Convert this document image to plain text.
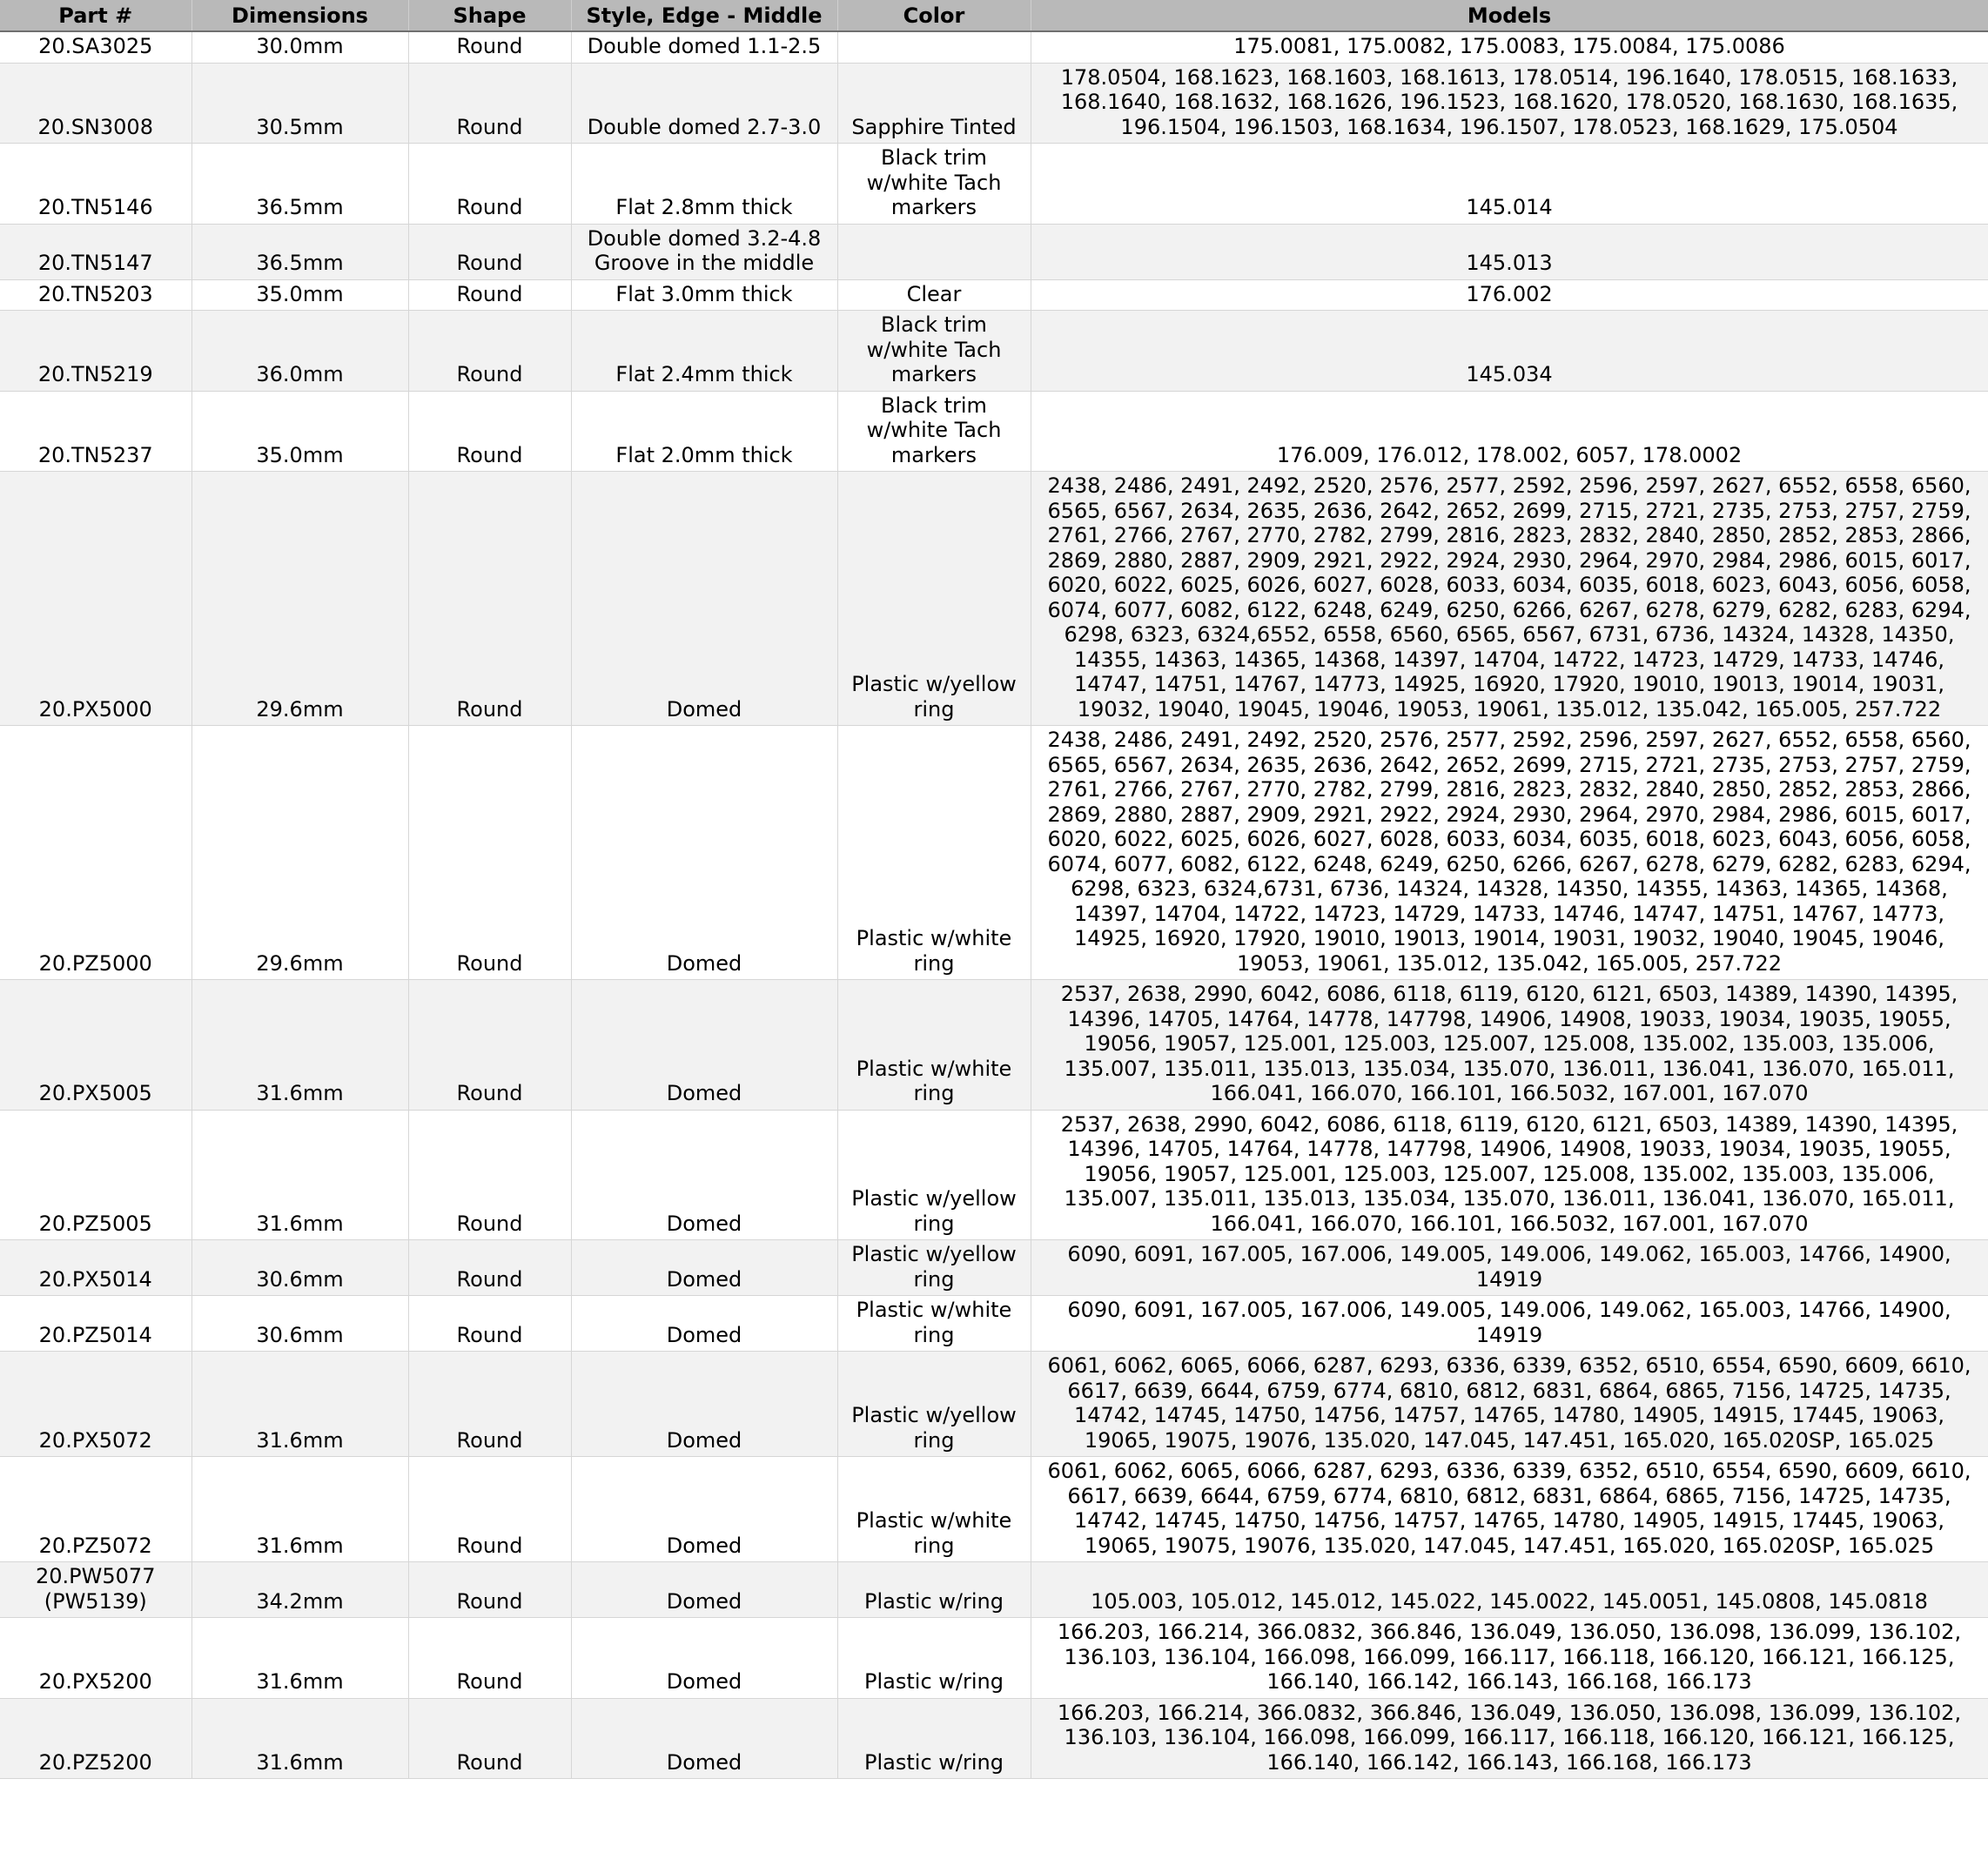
Part #	Dimensions	Shape	Style, Edge - Middle	Color	Models
20.SA3025	30.0mm	Round	Double domed 1.1-2.5		175.0081, 175.0082, 175.0083, 175.0084, 175.0086
20.SN3008	30.5mm	Round	Double domed 2.7-3.0	Sapphire Tinted	178.0504, 168.1623, 168.1603, 168.1613, 178.0514, 196.1640, 178.0515, 168.1633, 168.1640, 168.1632, 168.1626, 196.1523, 168.1620, 178.0520, 168.1630, 168.1635, 196.1504, 196.1503, 168.1634, 196.1507, 178.0523, 168.1629, 175.0504
20.TN5146	36.5mm	Round	Flat 2.8mm thick	Black trim w/white Tach markers	145.014
20.TN5147	36.5mm	Round	Double domed 3.2-4.8 Groove in the middle		145.013
20.TN5203	35.0mm	Round	Flat 3.0mm thick	Clear	176.002
20.TN5219	36.0mm	Round	Flat 2.4mm thick	Black trim w/white Tach markers	145.034
20.TN5237	35.0mm	Round	Flat 2.0mm thick	Black trim w/white Tach markers	176.009, 176.012, 178.002, 6057, 178.0002
20.PX5000	29.6mm	Round	Domed	Plastic w/yellow ring	2438, 2486, 2491, 2492, 2520, 2576, 2577, 2592, 2596, 2597, 2627, 6552, 6558, 6560, 6565, 6567, 2634, 2635, 2636, 2642, 2652, 2699, 2715, 2721, 2735, 2753, 2757, 2759, 2761, 2766, 2767, 2770, 2782, 2799, 2816, 2823, 2832, 2840, 2850, 2852, 2853, 2866, 2869, 2880, 2887, 2909, 2921, 2922, 2924, 2930, 2964, 2970, 2984, 2986, 6015, 6017, 6020, 6022, 6025, 6026, 6027, 6028, 6033, 6034, 6035, 6018, 6023, 6043, 6056, 6058, 6074, 6077, 6082, 6122, 6248, 6249, 6250, 6266, 6267, 6278, 6279, 6282, 6283, 6294, 6298, 6323, 6324,6552, 6558, 6560, 6565, 6567, 6731, 6736, 14324, 14328, 14350, 14355, 14363, 14365, 14368, 14397, 14704, 14722, 14723, 14729, 14733, 14746, 14747, 14751, 14767, 14773, 14925, 16920, 17920, 19010, 19013, 19014, 19031, 19032, 19040, 19045, 19046, 19053, 19061, 135.012, 135.042, 165.005, 257.722
20.PZ5000	29.6mm	Round	Domed	Plastic w/white ring	2438, 2486, 2491, 2492, 2520, 2576, 2577, 2592, 2596, 2597, 2627, 6552, 6558, 6560, 6565, 6567, 2634, 2635, 2636, 2642, 2652, 2699, 2715, 2721, 2735, 2753, 2757, 2759, 2761, 2766, 2767, 2770, 2782, 2799, 2816, 2823, 2832, 2840, 2850, 2852, 2853, 2866, 2869, 2880, 2887, 2909, 2921, 2922, 2924, 2930, 2964, 2970, 2984, 2986, 6015, 6017, 6020, 6022, 6025, 6026, 6027, 6028, 6033, 6034, 6035, 6018, 6023, 6043, 6056, 6058, 6074, 6077, 6082, 6122, 6248, 6249, 6250, 6266, 6267, 6278, 6279, 6282, 6283, 6294, 6298, 6323, 6324,6731, 6736, 14324, 14328, 14350, 14355, 14363, 14365, 14368, 14397, 14704, 14722, 14723, 14729, 14733, 14746, 14747, 14751, 14767, 14773, 14925, 16920, 17920, 19010, 19013, 19014, 19031, 19032, 19040, 19045, 19046, 19053, 19061, 135.012, 135.042, 165.005, 257.722
20.PX5005	31.6mm	Round	Domed	Plastic w/white ring	2537, 2638, 2990, 6042, 6086, 6118, 6119, 6120, 6121, 6503, 14389, 14390, 14395, 14396, 14705, 14764, 14778, 147798, 14906, 14908, 19033, 19034, 19035, 19055, 19056, 19057, 125.001, 125.003, 125.007, 125.008, 135.002, 135.003, 135.006, 135.007, 135.011, 135.013, 135.034, 135.070, 136.011, 136.041, 136.070, 165.011, 166.041, 166.070, 166.101, 166.5032, 167.001, 167.070
20.PZ5005	31.6mm	Round	Domed	Plastic w/yellow ring	2537, 2638, 2990, 6042, 6086, 6118, 6119, 6120, 6121, 6503, 14389, 14390, 14395, 14396, 14705, 14764, 14778, 147798, 14906, 14908, 19033, 19034, 19035, 19055, 19056, 19057, 125.001, 125.003, 125.007, 125.008, 135.002, 135.003, 135.006, 135.007, 135.011, 135.013, 135.034, 135.070, 136.011, 136.041, 136.070, 165.011, 166.041, 166.070, 166.101, 166.5032, 167.001, 167.070
20.PX5014	30.6mm	Round	Domed	Plastic w/yellow ring	6090, 6091, 167.005, 167.006, 149.005, 149.006, 149.062, 165.003, 14766, 14900, 14919
20.PZ5014	30.6mm	Round	Domed	Plastic w/white ring	6090, 6091, 167.005, 167.006, 149.005, 149.006, 149.062, 165.003, 14766, 14900, 14919
20.PX5072	31.6mm	Round	Domed	Plastic w/yellow ring	6061, 6062, 6065, 6066, 6287, 6293, 6336, 6339, 6352, 6510, 6554, 6590, 6609, 6610, 6617, 6639, 6644, 6759, 6774, 6810, 6812, 6831, 6864, 6865, 7156, 14725, 14735, 14742, 14745, 14750, 14756, 14757, 14765, 14780, 14905, 14915, 17445, 19063, 19065, 19075, 19076, 135.020, 147.045, 147.451, 165.020, 165.020SP, 165.025
20.PZ5072	31.6mm	Round	Domed	Plastic w/white ring	6061, 6062, 6065, 6066, 6287, 6293, 6336, 6339, 6352, 6510, 6554, 6590, 6609, 6610, 6617, 6639, 6644, 6759, 6774, 6810, 6812, 6831, 6864, 6865, 7156, 14725, 14735, 14742, 14745, 14750, 14756, 14757, 14765, 14780, 14905, 14915, 17445, 19063, 19065, 19075, 19076, 135.020, 147.045, 147.451, 165.020, 165.020SP, 165.025
20.PW5077 (PW5139)	34.2mm	Round	Domed	Plastic w/ring	105.003, 105.012, 145.012, 145.022, 145.0022, 145.0051, 145.0808, 145.0818
20.PX5200	31.6mm	Round	Domed	Plastic w/ring	166.203, 166.214, 366.0832, 366.846, 136.049, 136.050, 136.098, 136.099, 136.102, 136.103, 136.104, 166.098, 166.099, 166.117, 166.118, 166.120, 166.121, 166.125, 166.140, 166.142, 166.143, 166.168, 166.173
20.PZ5200	31.6mm	Round	Domed	Plastic w/ring	166.203, 166.214, 366.0832, 366.846, 136.049, 136.050, 136.098, 136.099, 136.102, 136.103, 136.104, 166.098, 166.099, 166.117, 166.118, 166.120, 166.121, 166.125, 166.140, 166.142, 166.143, 166.168, 166.173
